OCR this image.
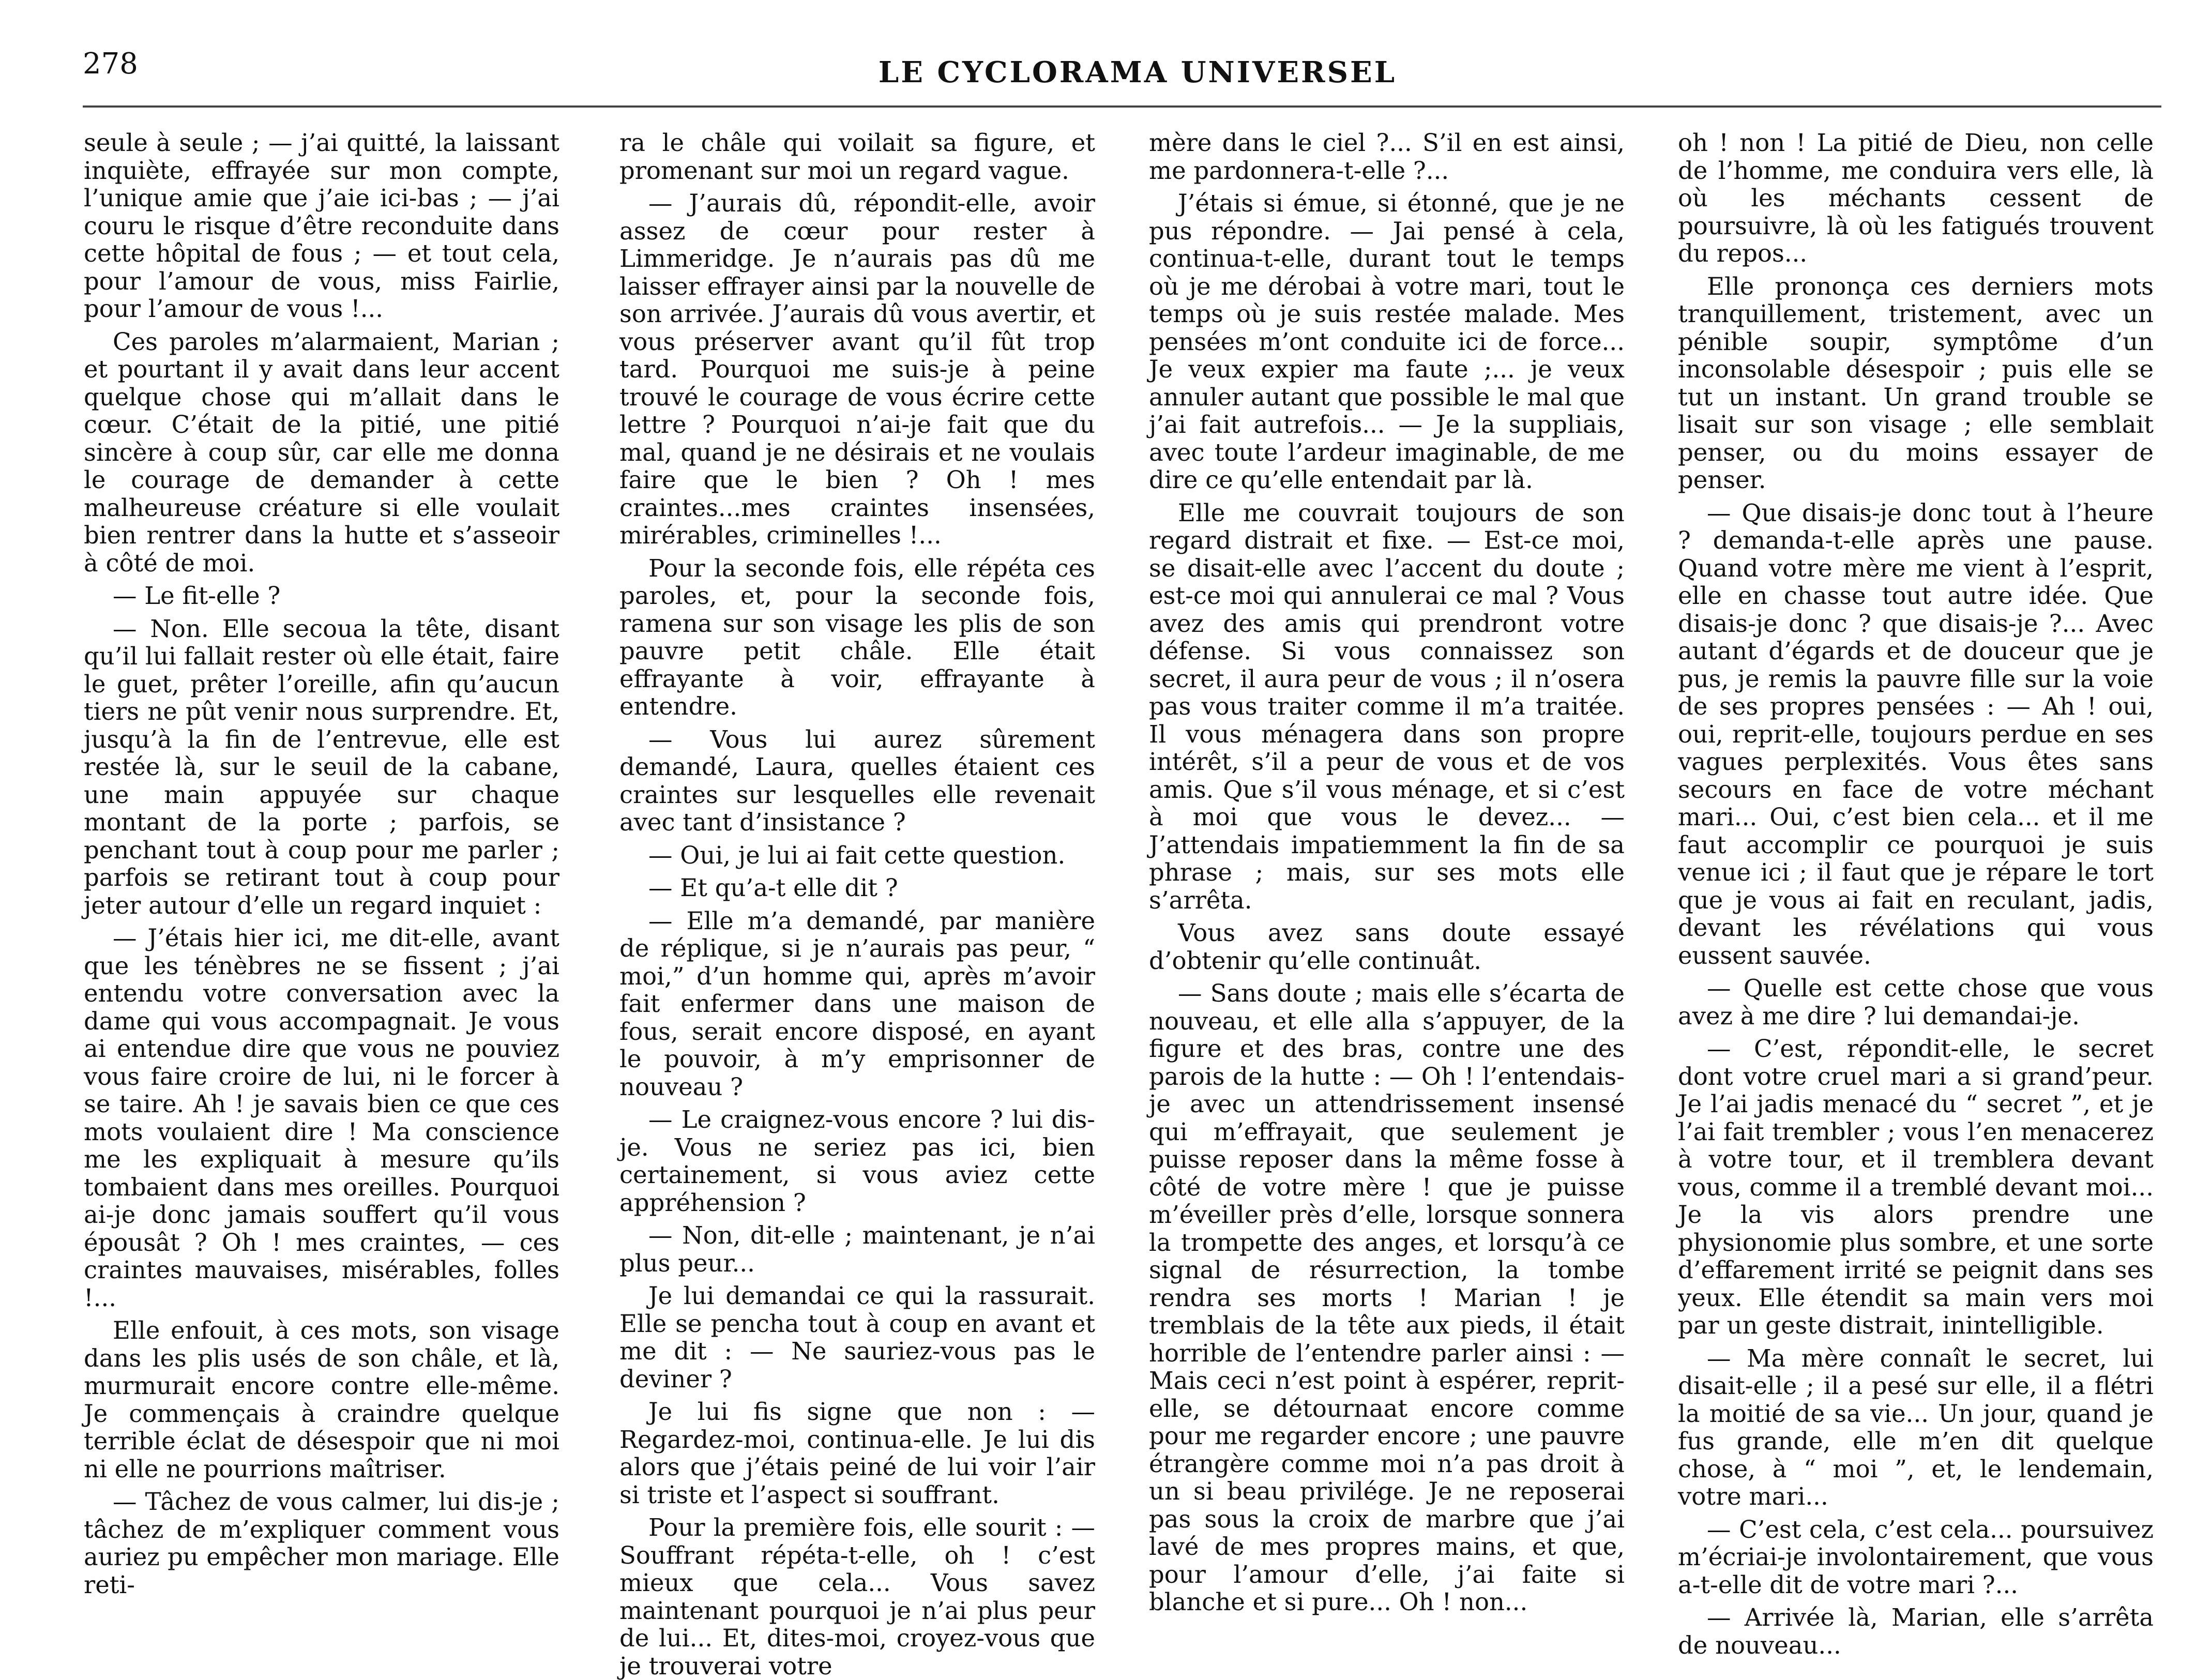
278	LE CYCLORAMA UNIVERSEL

seule à seule ; — j’ai quitté, la laissant inquiète, effrayée sur mon compte, l’unique amie que j’aie ici-bas ; — j’ai couru le risque d’être reconduite dans cette hôpital de fous ; — et tout cela, pour l’amour de vous, miss Fairlie, pour l’amour de vous !...

Ces paroles m’alarmaient, Marian ; et pourtant il y avait dans leur accent quelque chose qui m’allait dans le cœur. C’était de la pitié, une pitié sincère à coup sûr, car elle me donna le courage de demander à cette malheureuse créature si elle voulait bien rentrer dans la hutte et s’asseoir à côté de moi.

— Le fit-elle ?

— Non. Elle secoua la tête, disant qu’il lui fallait rester où elle était, faire le guet, prêter l’oreille, afin qu’aucun tiers ne pût venir nous surprendre. Et, jusqu’à la fin de l’entrevue, elle est restée là, sur le seuil de la cabane, une main appuyée sur chaque montant de la porte ; parfois, se penchant tout à coup pour me parler ; parfois se retirant tout à coup pour jeter autour d’elle un regard inquiet :

— J’étais hier ici, me dit-elle, avant que les ténèbres ne se fissent ; j’ai entendu votre conversation avec la dame qui vous accompagnait. Je vous ai entendue dire que vous ne pouviez vous faire croire de lui, ni le forcer à se taire. Ah ! je savais bien ce que ces mots voulaient dire ! Ma conscience me les expliquait à mesure qu’ils tombaient dans mes oreilles. Pourquoi ai-je donc jamais souffert qu’il vous épousât ? Oh ! mes craintes, — ces craintes mauvaises, misérables, folles !...

Elle enfouit, à ces mots, son visage dans les plis usés de son châle, et là, murmurait encore contre elle-même. Je commençais à craindre quelque terrible éclat de désespoir que ni moi ni elle ne pourrions maîtriser.

— Tâchez de vous calmer, lui dis-je ; tâchez de m’expliquer comment vous auriez pu empêcher mon mariage. Elle reti-

ra le châle qui voilait sa figure, et promenant sur moi un regard vague.

— J’aurais dû, répondit-elle, avoir assez de cœur pour rester à Limmeridge. Je n’aurais pas dû me laisser effrayer ainsi par la nouvelle de son arrivée. J’aurais dû vous avertir, et vous préserver avant qu’il fût trop tard. Pourquoi me suis-je à peine trouvé le courage de vous écrire cette lettre ? Pourquoi n’ai-je fait que du mal, quand je ne désirais et ne voulais faire que le bien ? Oh ! mes craintes...mes craintes insensées, mirérables, criminelles !...

Pour la seconde fois, elle répéta ces paroles, et, pour la seconde fois, ramena sur son visage les plis de son pauvre petit châle. Elle était effrayante à voir, effrayante à entendre.

— Vous lui aurez sûrement demandé, Laura, quelles étaient ces craintes sur lesquelles elle revenait avec tant d’insistance ?

— Oui, je lui ai fait cette question.

— Et qu’a-t elle dit ?

— Elle m’a demandé, par manière de réplique, si je n’aurais pas peur, “ moi,” d’un homme qui, après m’avoir fait enfermer dans une maison de fous, serait encore disposé, en ayant le pouvoir, à m’y emprisonner de nouveau ?

— Le craignez-vous encore ? lui dis-je. Vous ne seriez pas ici, bien certainement, si vous aviez cette appréhension ?

— Non, dit-elle ; maintenant, je n’ai plus peur...

Je lui demandai ce qui la rassurait. Elle se pencha tout à coup en avant et me dit : — Ne sauriez-vous pas le deviner ?

Je lui fis signe que non : — Regardez-moi, continua-elle. Je lui dis alors que j’étais peiné de lui voir l’air si triste et l’aspect si souffrant.

Pour la première fois, elle sourit : — Souffrant répéta-t-elle, oh ! c’est mieux que cela... Vous savez maintenant pourquoi je n’ai plus peur de lui... Et, dites-moi, croyez-vous que je trouverai votre

mère dans le ciel ?... S’il en est ainsi, me pardonnera-t-elle ?...

J’étais si émue, si étonné, que je ne pus répondre. — Jai pensé à cela, continua-t-elle, durant tout le temps où je me dérobai à votre mari, tout le temps où je suis restée malade. Mes pensées m’ont conduite ici de force... Je veux expier ma faute ;... je veux annuler autant que possible le mal que j’ai fait autrefois... — Je la suppliais, avec toute l’ardeur imaginable, de me dire ce qu’elle entendait par là.

Elle me couvrait toujours de son regard distrait et fixe. — Est-ce moi, se disait-elle avec l’accent du doute ; est-ce moi qui annulerai ce mal ? Vous avez des amis qui prendront votre défense. Si vous connaissez son secret, il aura peur de vous ; il n’osera pas vous traiter comme il m’a traitée. Il vous ménagera dans son propre intérêt, s’il a peur de vous et de vos amis. Que s’il vous ménage, et si c’est à moi que vous le devez... — J’attendais impatiemment la fin de sa phrase ; mais, sur ses mots elle s’arrêta.

Vous avez sans doute essayé d’obtenir qu’elle continuât.

— Sans doute ; mais elle s’écarta de nouveau, et elle alla s’appuyer, de la figure et des bras, contre une des parois de la hutte : — Oh ! l’entendais-je avec un attendrissement insensé qui m’effrayait, que seulement je puisse reposer dans la même fosse à côté de votre mère ! que je puisse m’éveiller près d’elle, lorsque sonnera la trompette des anges, et lorsqu’à ce signal de résurrection, la tombe rendra ses morts ! Marian ! je tremblais de la tête aux pieds, il était horrible de l’entendre parler ainsi : — Mais ceci n’est point à espérer, reprit-elle, se détournaat encore comme pour me regarder encore ; une pauvre étrangère comme moi n’a pas droit à un si beau privilége. Je ne reposerai pas sous la croix de marbre que j’ai lavé de mes propres mains, et que, pour l’amour d’elle, j’ai faite si blanche et si pure... Oh ! non...

oh ! non ! La pitié de Dieu, non celle de l’homme, me conduira vers elle, là où les méchants cessent de poursuivre, là où les fatigués trouvent du repos...

Elle prononça ces derniers mots tranquillement, tristement, avec un pénible soupir, symptôme d’un inconsolable désespoir ; puis elle se tut un instant. Un grand trouble se lisait sur son visage ; elle semblait penser, ou du moins essayer de penser.

— Que disais-je donc tout à l’heure ? demanda-t-elle après une pause. Quand votre mère me vient à l’esprit, elle en chasse tout autre idée. Que disais-je donc ? que disais-je ?... Avec autant d’égards et de douceur que je pus, je remis la pauvre fille sur la voie de ses propres pensées : — Ah ! oui, oui, reprit-elle, toujours perdue en ses vagues perplexités. Vous êtes sans secours en face de votre méchant mari... Oui, c’est bien cela... et il me faut accomplir ce pourquoi je suis venue ici ; il faut que je répare le tort que je vous ai fait en reculant, jadis, devant les révélations qui vous eussent sauvée.

— Quelle est cette chose que vous avez à me dire ? lui demandai-je.

— C’est, répondit-elle, le secret dont votre cruel mari a si grand’peur. Je l’ai jadis menacé du “ secret ”, et je l’ai fait trembler ; vous l’en menacerez à votre tour, et il tremblera devant vous, comme il a tremblé devant moi... Je la vis alors prendre une physionomie plus sombre, et une sorte d’effarement irrité se peignit dans ses yeux. Elle étendit sa main vers moi par un geste distrait, inintelligible.

— Ma mère connaît le secret, lui disait-elle ; il a pesé sur elle, il a flétri la moitié de sa vie... Un jour, quand je fus grande, elle m’en dit quelque chose, à “ moi ”, et, le lendemain, votre mari...

— C’est cela, c’est cela... poursuivez m’écriai-je involontairement, que vous a-t-elle dit de votre mari ?...

— Arrivée là, Marian, elle s’arrêta de nouveau...
